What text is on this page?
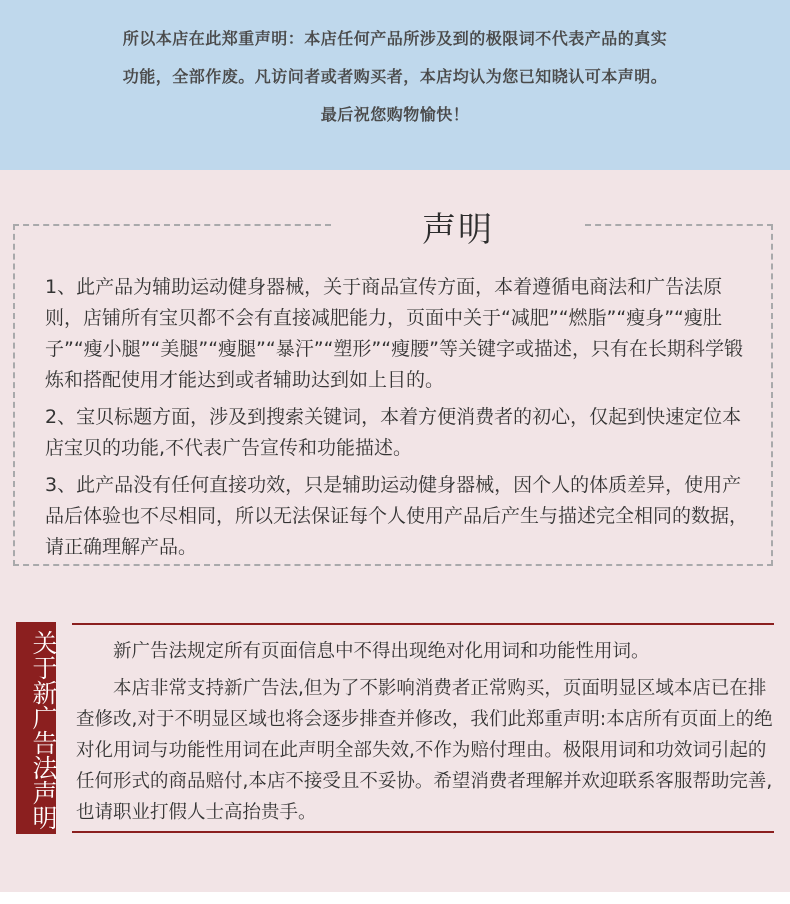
所以本店在此郑重声明：本店任何产品所涉及到的极限词不代表产品的真实

功能，全部作废。凡访问者或者购买者，本店均认为您已知晓认可本声明。

最后祝您购物愉快！

声明

1、此产品为辅助运动健身器械，关于商品宣传方面，本着遵循电商法和广告法原则，店铺所有宝贝都不会有直接减肥能力，页面中关于“减肥”“燃脂”“瘦身”“瘦肚子”“瘦小腿”“美腿”“瘦腿”“暴汗”“塑形”“瘦腰”等关键字或描述，只有在长期科学锻炼和搭配使用才能达到或者辅助达到如上目的。

2、宝贝标题方面，涉及到搜索关键词，本着方便消费者的初心，仅起到快速定位本店宝贝的功能,不代表广告宣传和功能描述。

3、此产品没有任何直接功效，只是辅助运动健身器械，因个人的体质差异，使用产品后体验也不尽相同，所以无法保证每个人使用产品后产生与描述完全相同的数据，请正确理解产品。

关于新广告法声明	新广告法规定所有页面信息中不得出现绝对化用词和功能性用词。

本店非常支持新广告法,但为了不影响消费者正常购买，页面明显区域本店已在排查修改,对于不明显区域也将会逐步排查并修改，我们此郑重声明:本店所有页面上的绝对化用词与功能性用词在此声明全部失效,不作为赔付理由。极限用词和功效词引起的任何形式的商品赔付,本店不接受且不妥协。希望消费者理解并欢迎联系客服帮助完善,也请职业打假人士高抬贵手。
